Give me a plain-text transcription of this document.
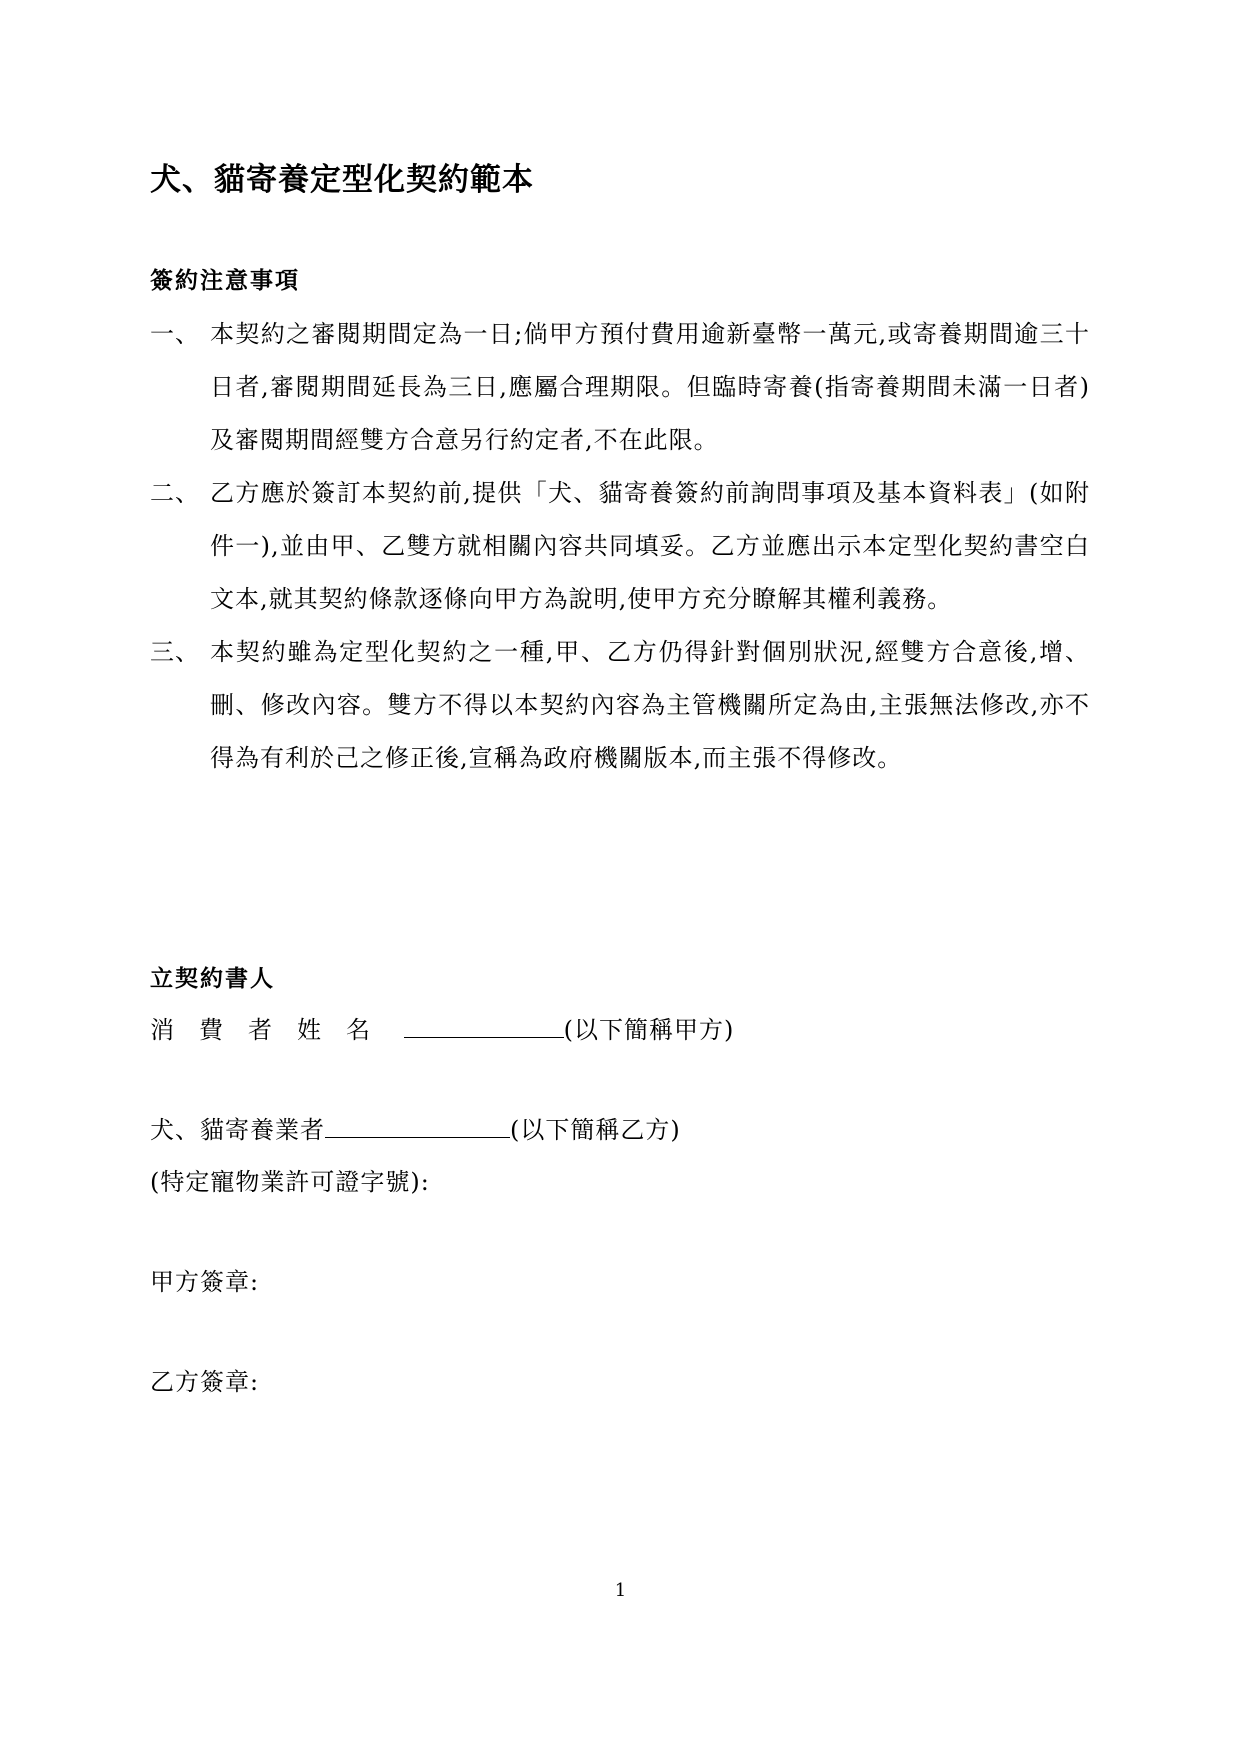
犬、貓寄養定型化契約範本
簽約注意事項
一、 本契約之審閱期間定為一日;倘甲方預付費用逾新臺幣一萬元,或寄養期間逾三十日者,審閱期間延長為三日,應屬合理期限。但臨時寄養(指寄養期間未滿一日者)及審閱期間經雙方合意另行約定者,不在此限。
二、 乙方應於簽訂本契約前,提供「犬、貓寄養簽約前詢問事項及基本資料表」(如附件一),並由甲、乙雙方就相關內容共同填妥。乙方並應出示本定型化契約書空白文本,就其契約條款逐條向甲方為說明,使甲方充分瞭解其權利義務。
三、 本契約雖為定型化契約之一種,甲、乙方仍得針對個別狀況,經雙方合意後,增、刪、修改內容。雙方不得以本契約內容為主管機關所定為由,主張無法修改,亦不得為有利於己之修正後,宣稱為政府機關版本,而主張不得修改。
立契約書人

消費者姓名	(以下簡稱甲方)

犬、貓寄養業者	(以下簡稱乙方)

(特定寵物業許可證字號):

甲方簽章:

乙方簽章:

1
